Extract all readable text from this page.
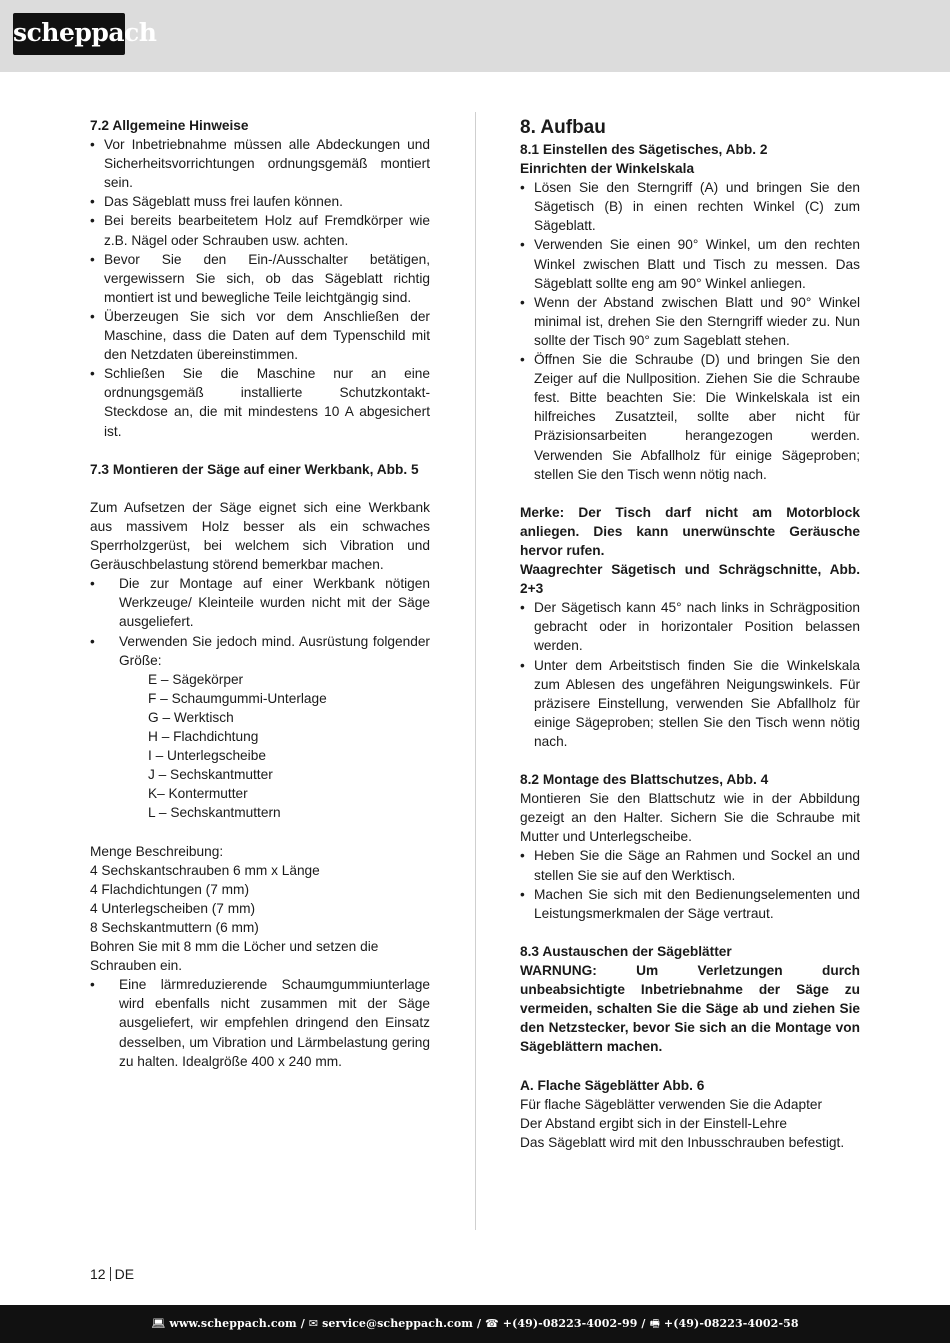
scheppach

7.2 Allgemeine Hinweise

• Vor Inbetriebnahme müssen alle Abdeckungen und Sicherheitsvorrichtungen ordnungsgemäß montiert sein.
• Das Sägeblatt muss frei laufen können.
• Bei bereits bearbeitetem Holz auf Fremdkörper wie z.B. Nägel oder Schrauben usw. achten.
• Bevor Sie den Ein-/Ausschalter betätigen, vergewissern Sie sich, ob das Sägeblatt richtig montiert ist und bewegliche Teile leichtgängig sind.
• Überzeugen Sie sich vor dem Anschließen der Maschine, dass die Daten auf dem Typenschild mit den Netzdaten übereinstimmen.
• Schließen Sie die Maschine nur an eine ordnungsgemäß installierte Schutzkontakt- Steckdose an, die mit mindestens 10 A abgesichert ist.

7.3 Montieren der Säge auf einer Werkbank, Abb. 5

Zum Aufsetzen der Säge eignet sich eine Werkbank aus massivem Holz besser als ein schwaches Sperrholzgerüst, bei welchem sich Vibration und Geräuschbelastung störend bemerkbar machen.

• Die zur Montage auf einer Werkbank nötigen Werkzeuge/ Kleinteile wurden nicht mit der Säge ausgeliefert.
• Verwenden Sie jedoch mind. Ausrüstung folgender Größe:
E – Sägekörper
F – Schaumgummi-Unterlage
G – Werktisch
H – Flachdichtung
I – Unterlegscheibe
J – Sechskantmutter
K– Kontermutter
L – Sechskantmuttern

Menge Beschreibung:

4 Sechskantschrauben 6 mm x Länge

4 Flachdichtungen (7 mm)

4 Unterlegscheiben (7 mm)

8 Sechskantmuttern (6 mm)

Bohren Sie mit 8 mm die Löcher und setzen die Schrauben ein.

• Eine lärmreduzierende Schaumgummiunterlage wird ebenfalls nicht zusammen mit der Säge ausgeliefert, wir empfehlen dringend den Einsatz desselben, um Vibration und Lärmbelastung gering zu halten. Idealgröße 400 x 240 mm.

8. Aufbau

8.1 Einstellen des Sägetisches, Abb. 2

Einrichten der Winkelskala

• Lösen Sie den Sterngriff (A) und bringen Sie den Sägetisch (B) in einen rechten Winkel (C) zum Sägeblatt.
• Verwenden Sie einen 90° Winkel, um den rechten Winkel zwischen Blatt und Tisch zu messen. Das Sägeblatt sollte eng am 90° Winkel anliegen.
• Wenn der Abstand zwischen Blatt und 90° Winkel minimal ist, drehen Sie den Sterngriff wieder zu. Nun sollte der Tisch 90° zum Sageblatt stehen.
• Öffnen Sie die Schraube (D) und bringen Sie den Zeiger auf die Nullposition. Ziehen Sie die Schraube fest. Bitte beachten Sie: Die Winkelskala ist ein hilfreiches Zusatzteil, sollte aber nicht für Präzisionsarbeiten herangezogen werden. Verwenden Sie Abfallholz für einige Sägeproben; stellen Sie den Tisch wenn nötig nach.

Merke: Der Tisch darf nicht am Motorblock anliegen. Dies kann unerwünschte Geräusche hervor rufen.

Waagrechter Sägetisch und Schrägschnitte, Abb. 2+3

• Der Sägetisch kann 45° nach links in Schrägposition gebracht oder in horizontaler Position belassen werden.
• Unter dem Arbeitstisch finden Sie die Winkelskala zum Ablesen des ungefähren Neigungswinkels. Für präzisere Einstellung, verwenden Sie Abfallholz für einige Sägeproben; stellen Sie den Tisch wenn nötig nach.

8.2 Montage des Blattschutzes, Abb. 4

Montieren Sie den Blattschutz wie in der Abbildung gezeigt an den Halter. Sichern Sie die Schraube mit Mutter und Unterlegscheibe.

• Heben Sie die Säge an Rahmen und Sockel an und stellen Sie sie auf den Werktisch.
• Machen Sie sich mit den Bedienungselementen und Leistungsmerkmalen der Säge vertraut.

8.3 Austauschen der Sägeblätter

WARNUNG: Um Verletzungen durch unbeabsichtigte Inbetriebnahme der Säge zu vermeiden, schalten Sie die Säge ab und ziehen Sie den Netzstecker, bevor Sie sich an die Montage von Sägeblättern machen.

A. Flache Sägeblätter Abb. 6

Für flache Sägeblätter verwenden Sie die Adapter

Der Abstand ergibt sich in der Einstell-Lehre

Das Sägeblatt wird mit den Inbusschrauben befestigt.

12 DE
💻︎ www.scheppach.com / ✉︎ service@scheppach.com / ☎︎ +(49)-08223-4002-99 / 🖷︎ +(49)-08223-4002-58
